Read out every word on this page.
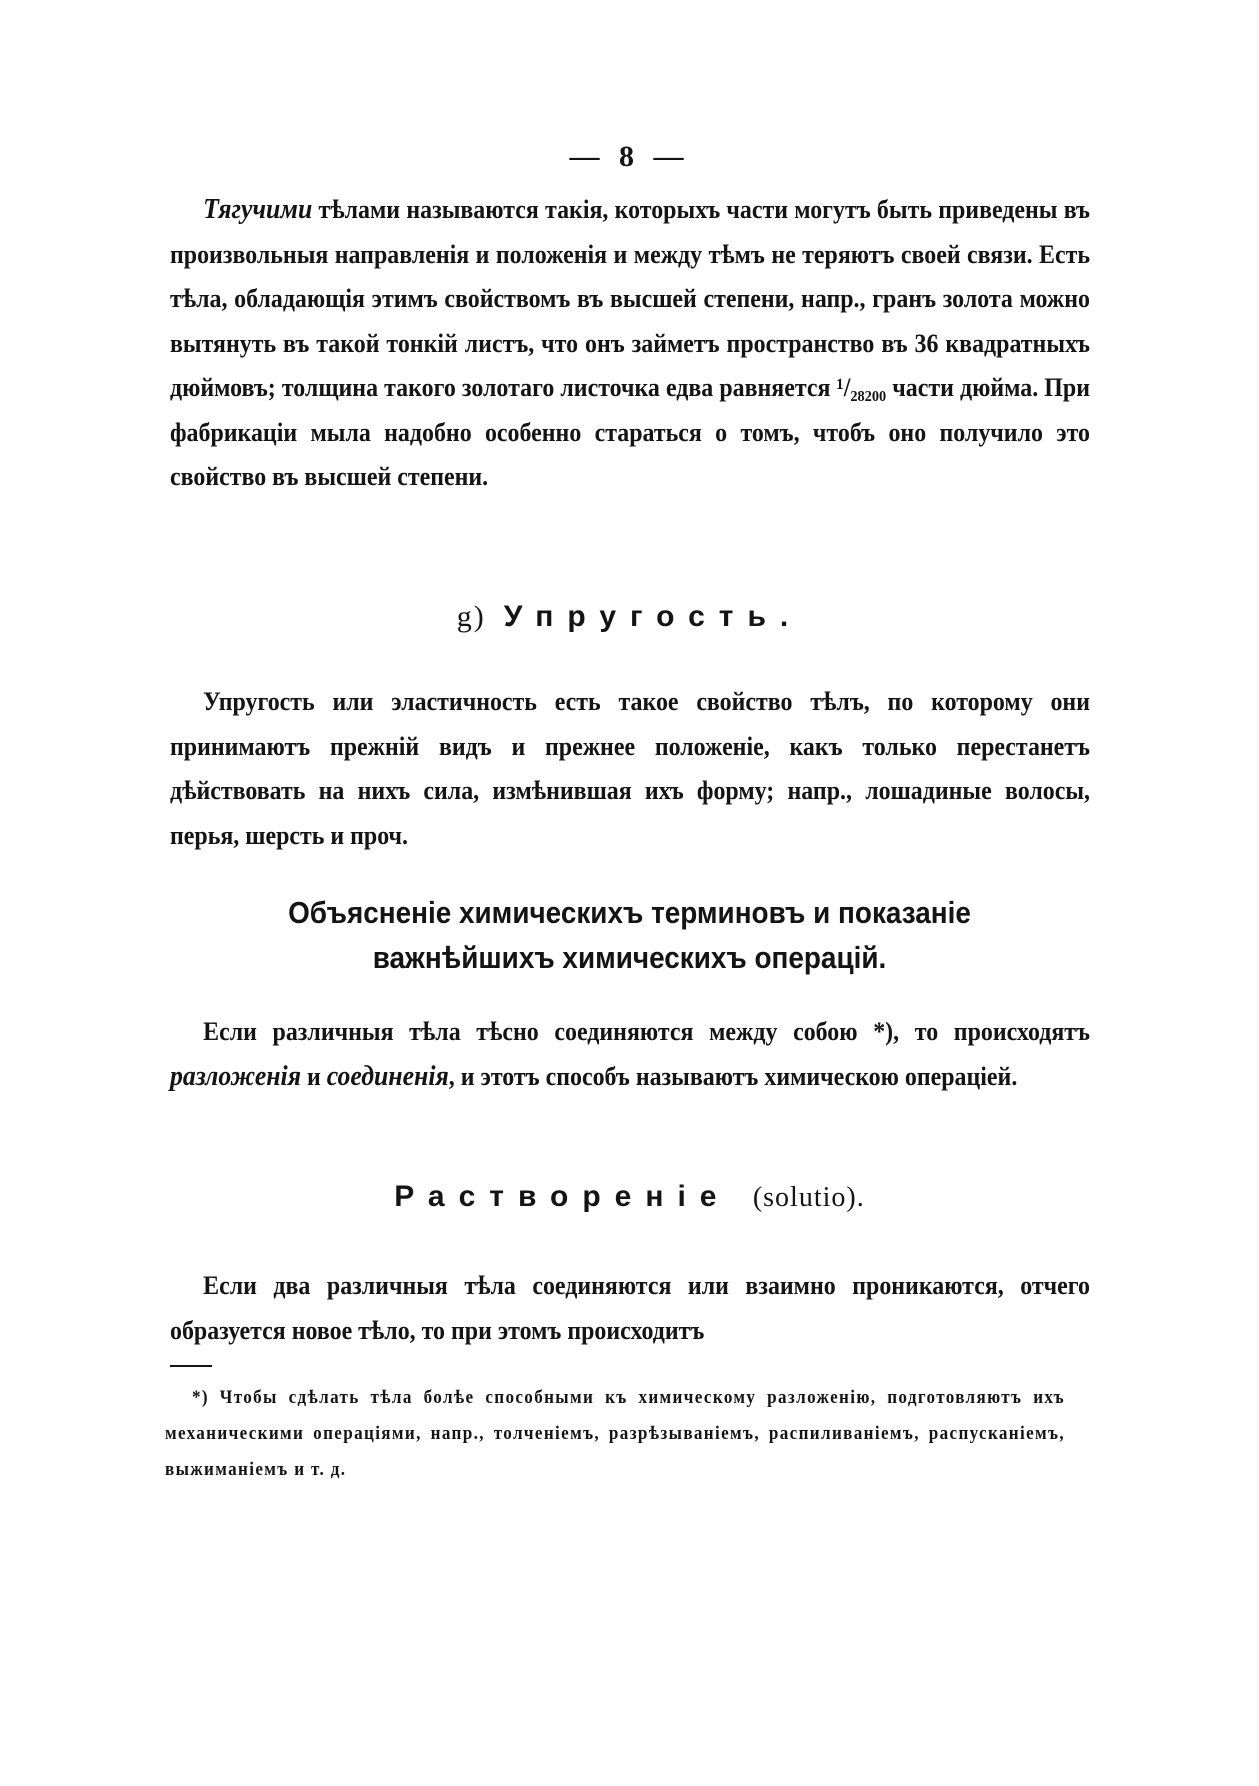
— 8 —
Тягучими тѣлами называются такія, которыхъ части могутъ быть приведены въ произвольныя направленія и положенія и между тѣмъ не теряютъ своей связи. Есть тѣла, обладающія этимъ свойствомъ въ высшей степени, напр., гранъ золота можно вытянуть въ такой тонкій листъ, что онъ займетъ пространство въ 36 квадратныхъ дюймовъ; толщина такого золотаго листочка едва равняется ¹/₂₈₂₀₀ части дюйма. При фабрикаціи мыла надобно особенно стараться о томъ, чтобъ оно получило это свойство въ высшей степени.
g) Упругость.
Упругость или эластичность есть такое свойство тѣлъ, по которому они принимаютъ прежній видъ и прежнее положеніе, какъ только перестанетъ дѣйствовать на нихъ сила, измѣнившая ихъ форму; напр., лошадиные волосы, перья, шерсть и проч.
Объясненіе химическихъ терминовъ и показаніе
важнѣйшихъ химическихъ операцій.
Если различныя тѣла тѣсно соединяются между собою *), то происходятъ разложенія и соединенія, и этотъ способъ называютъ химическою операціей.
Раствореніе (solutio).
Если два различныя тѣла соединяются или взаимно проникаются, отчего образуется новое тѣло, то при этомъ происходитъ
*) Чтобы сдѣлать тѣла болѣе способными къ химическому разложенію, подготовляютъ ихъ механическими операціями, напр., толченіемъ, разрѣзываніемъ, распиливаніемъ, распусканіемъ, выжиманіемъ и т. д.
